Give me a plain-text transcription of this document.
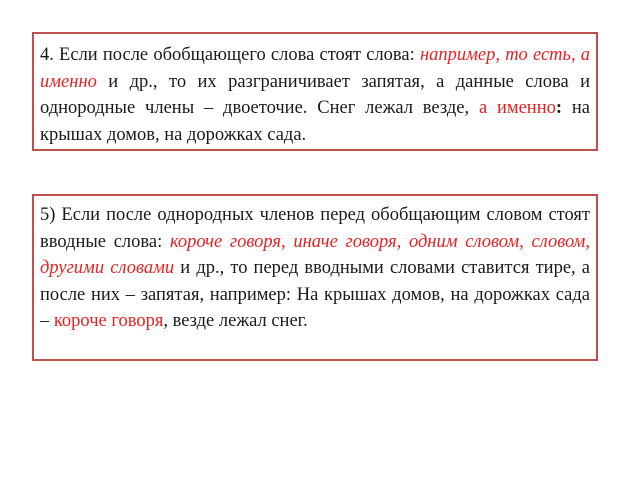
4. Если после обобщающего слова стоят слова: например, то есть, а именно и др., то их разграничивает запятая, а данные слова и однородные члены – двоеточие. Снег лежал везде, а именно: на крышах домов, на дорожках сада.
5) Если после однородных членов перед обобщающим словом стоят вводные слова: короче говоря, иначе говоря, одним словом, словом, другими словами и др., то перед вводными словами ставится тире, а после них – запятая, например: На крышах домов, на дорожках сада – короче говоря, везде лежал снег.
